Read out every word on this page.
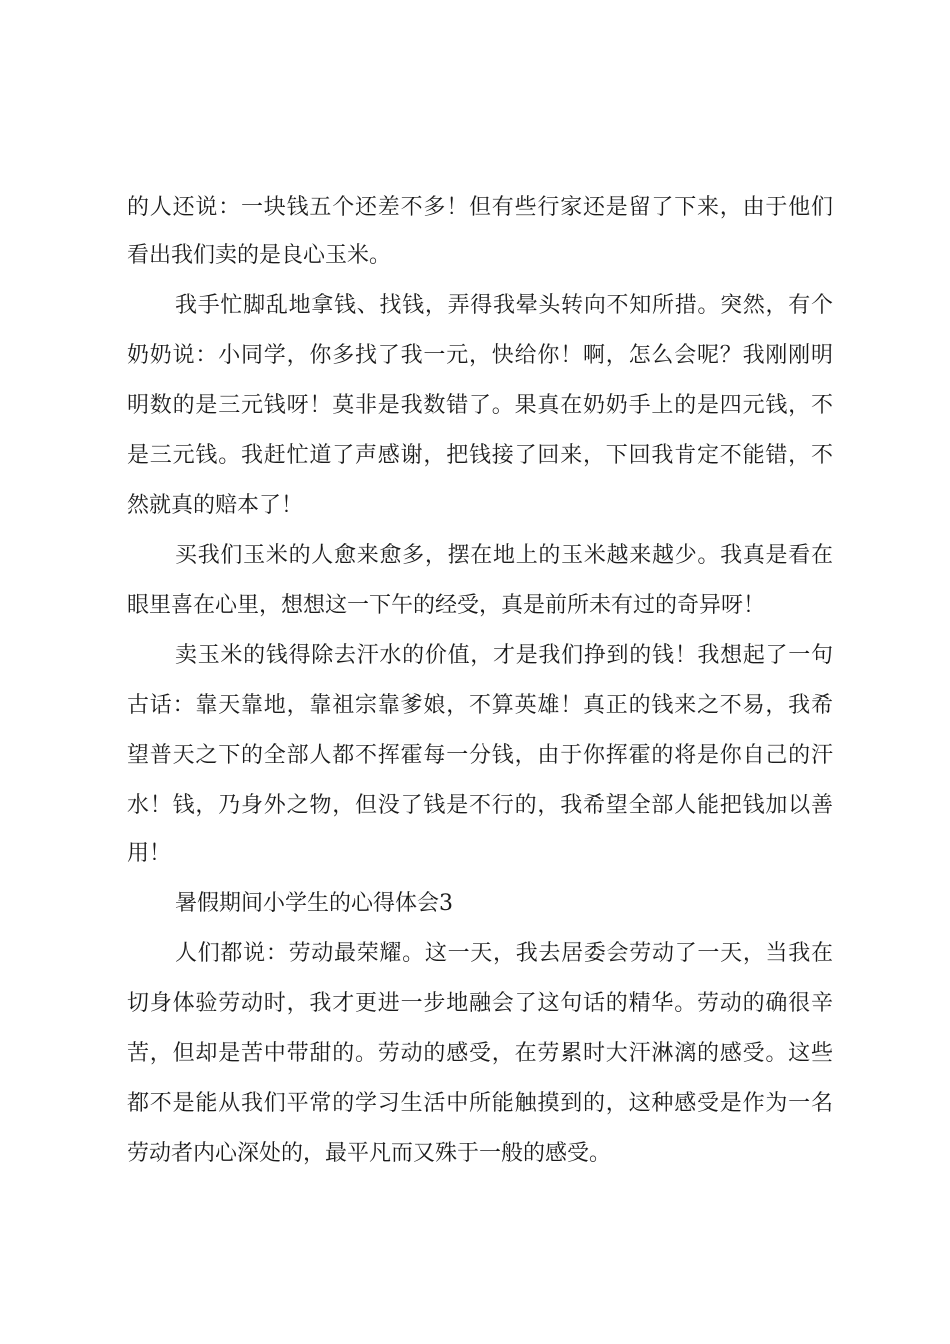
的人还说：一块钱五个还差不多！但有些行家还是留了下来，由于他们
看出我们卖的是良心玉米。
我手忙脚乱地拿钱、找钱，弄得我晕头转向不知所措。突然，有个
奶奶说：小同学，你多找了我一元，快给你！啊，怎么会呢？我刚刚明
明数的是三元钱呀！莫非是我数错了。果真在奶奶手上的是四元钱，不
是三元钱。我赶忙道了声感谢，把钱接了回来，下回我肯定不能错，不
然就真的赔本了！
买我们玉米的人愈来愈多，摆在地上的玉米越来越少。我真是看在
眼里喜在心里，想想这一下午的经受，真是前所未有过的奇异呀！
卖玉米的钱得除去汗水的价值，才是我们挣到的钱！我想起了一句
古话：靠天靠地，靠祖宗靠爹娘，不算英雄！真正的钱来之不易，我希
望普天之下的全部人都不挥霍每一分钱，由于你挥霍的将是你自己的汗
水！钱，乃身外之物，但没了钱是不行的，我希望全部人能把钱加以善
用！
暑假期间小学生的心得体会3
人们都说：劳动最荣耀。这一天，我去居委会劳动了一天，当我在
切身体验劳动时，我才更进一步地融会了这句话的精华。劳动的确很辛
苦，但却是苦中带甜的。劳动的感受，在劳累时大汗淋漓的感受。这些
都不是能从我们平常的学习生活中所能触摸到的，这种感受是作为一名
劳动者内心深处的，最平凡而又殊于一般的感受。
